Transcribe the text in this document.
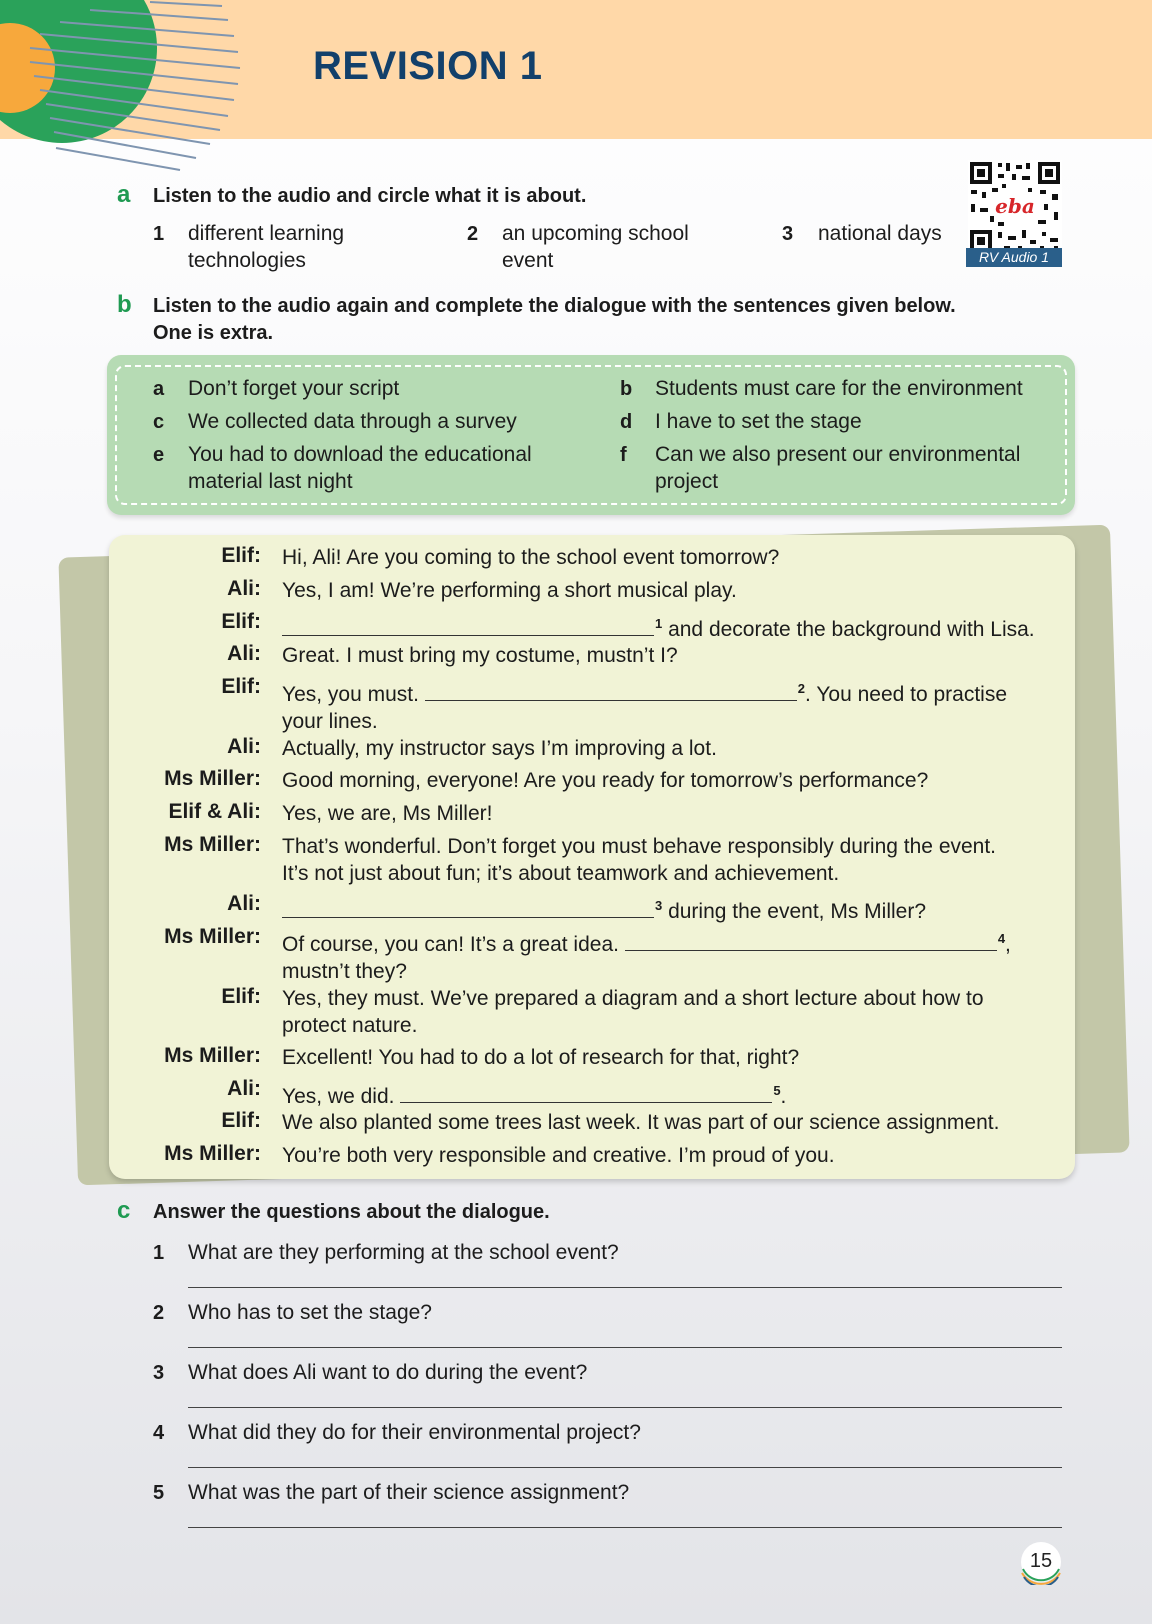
REVISION 1
a Listen to the audio and circle what it is about.
1 different learning
technologies
2 an upcoming school
event
3 national days
eba
RV Audio 1
b Listen to the audio again and complete the dialogue with the sentences given below.
One is extra.
a Don’t forget your script	b Students must care for the environment
c We collected data through a survey	d I have to set the stage
e You had to download the educational
material last night
f Can we also present our environmental
project
Elif: Hi, Ali! Are you coming to the school event tomorrow?
Ali: Yes, I am! We’re performing a short musical play.
Elif:	$^1$ and decorate the background with Lisa.
Ali: Great. I must bring my costume, mustn’t I?
Elif: Yes, you must.	$^2$. You need to practise
your lines.
Ali: Actually, my instructor says I’m improving a lot.
Ms Miller: Good morning, everyone! Are you ready for tomorrow’s performance?
Elif & Ali: Yes, we are, Ms Miller!
Ms Miller: That’s wonderful. Don’t forget you must behave responsibly during the event.
It’s not just about fun; it’s about teamwork and achievement.
Ali:	$^3$ during the event, Ms Miller?
Ms Miller: Of course, you can! It’s a great idea.	$^4$,
mustn’t they?
Elif: Yes, they must. We’ve prepared a diagram and a short lecture about how to
protect nature.
Ms Miller: Excellent! You had to do a lot of research for that, right?
Ali: Yes, we did.	$^5$.
Elif: We also planted some trees last week. It was part of our science assignment.
Ms Miller: You’re both very responsible and creative. I’m proud of you.
c Answer the questions about the dialogue.
1 What are they performing at the school event?
2 Who has to set the stage?
3 What does Ali want to do during the event?
4 What did they do for their environmental project?
5 What was the part of their science assignment?
15
